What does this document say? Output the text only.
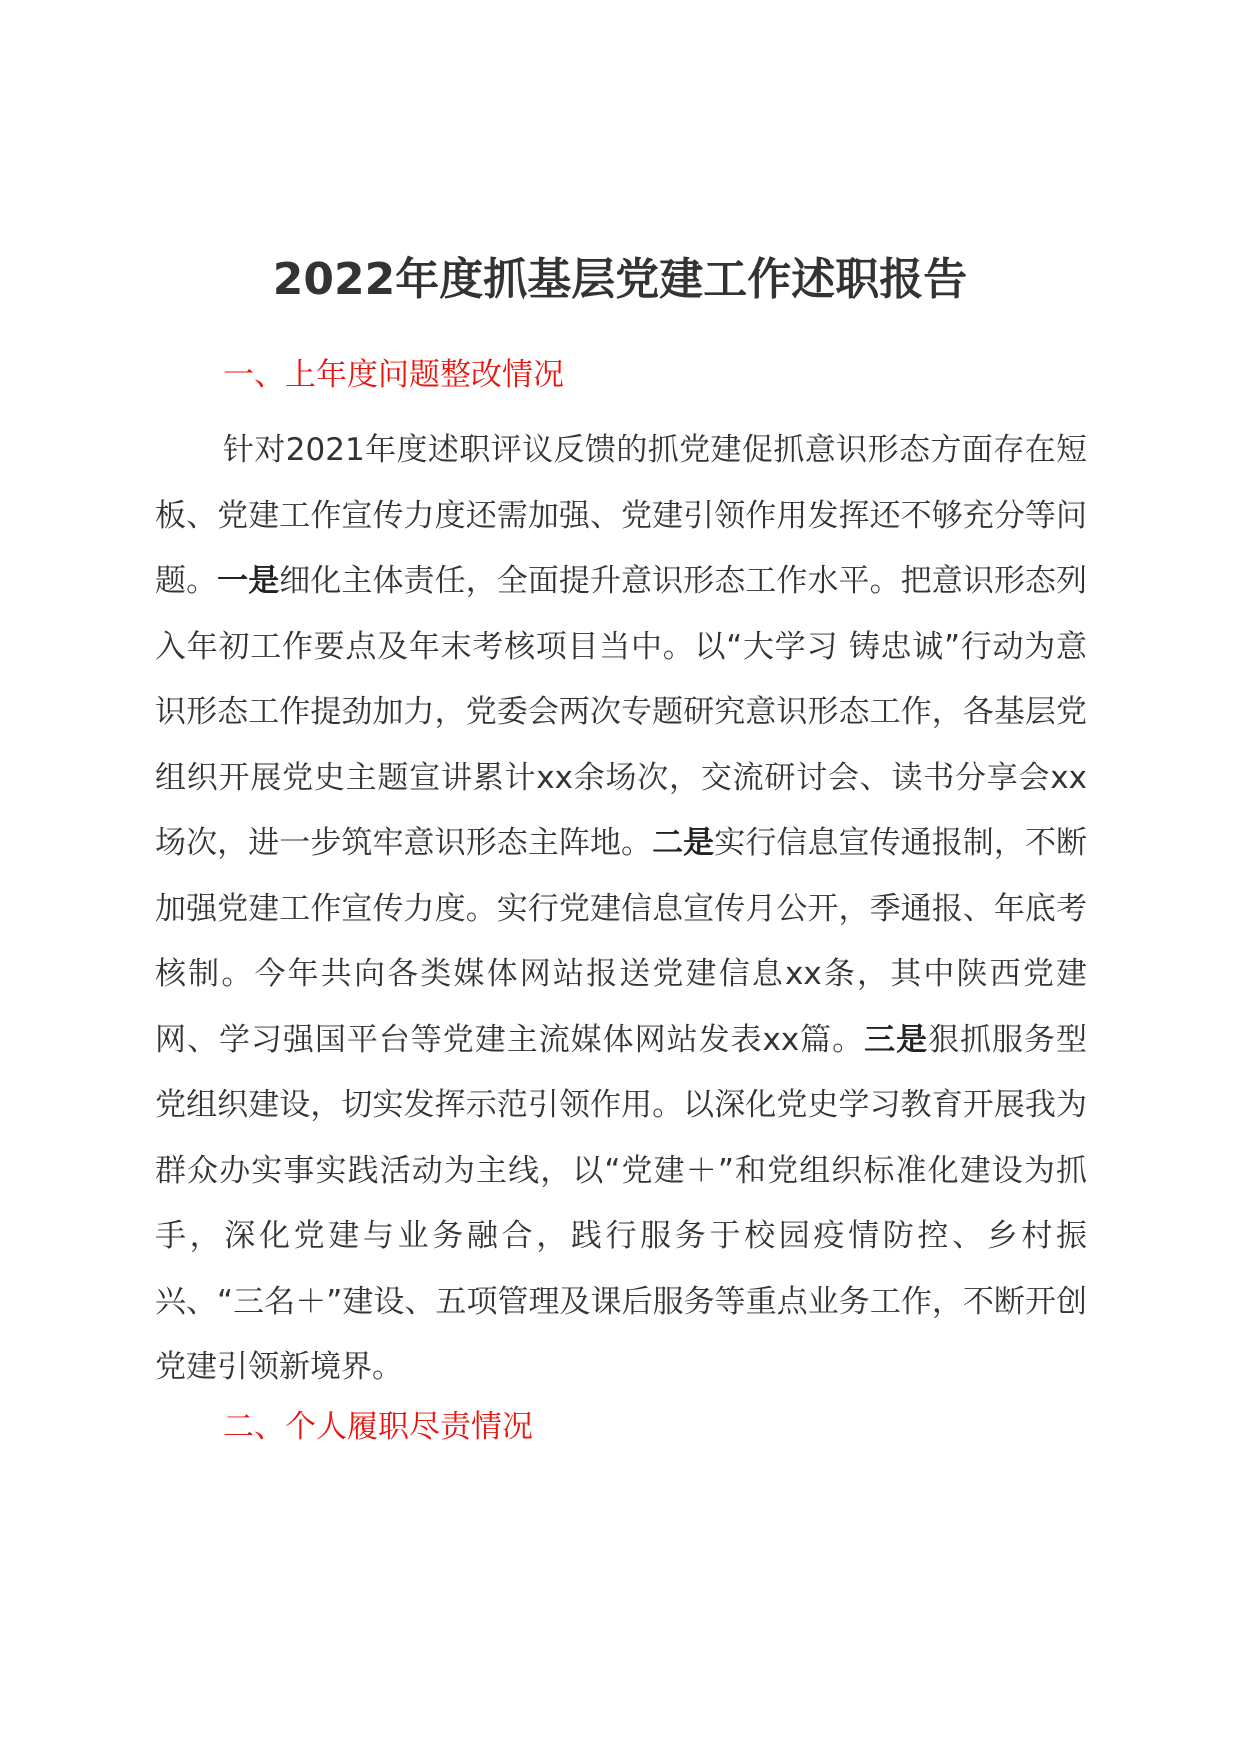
2022年度抓基层党建工作述职报告
一、上年度问题整改情况

针对2021年度述职评议反馈的抓党建促抓意识形态方面存在短板、党建工作宣传力度还需加强、党建引领作用发挥还不够充分等问题。一是细化主体责任，全面提升意识形态工作水平。把意识形态列入年初工作要点及年末考核项目当中。以“大学习 铸忠诚”行动为意识形态工作提劲加力，党委会两次专题研究意识形态工作，各基层党组织开展党史主题宣讲累计xx余场次，交流研讨会、读书分享会xx场次，进一步筑牢意识形态主阵地。二是实行信息宣传通报制，不断加强党建工作宣传力度。实行党建信息宣传月公开，季通报、年底考核制。今年共向各类媒体网站报送党建信息xx条，其中陕西党建网、学习强国平台等党建主流媒体网站发表xx篇。三是狠抓服务型党组织建设，切实发挥示范引领作用。以深化党史学习教育开展我为群众办实事实践活动为主线，以“党建＋”和党组织标准化建设为抓手，深化党建与业务融合，践行服务于校园疫情防控、乡村振兴、“三名＋”建设、五项管理及课后服务等重点业务工作，不断开创党建引领新境界。

二、个人履职尽责情况
